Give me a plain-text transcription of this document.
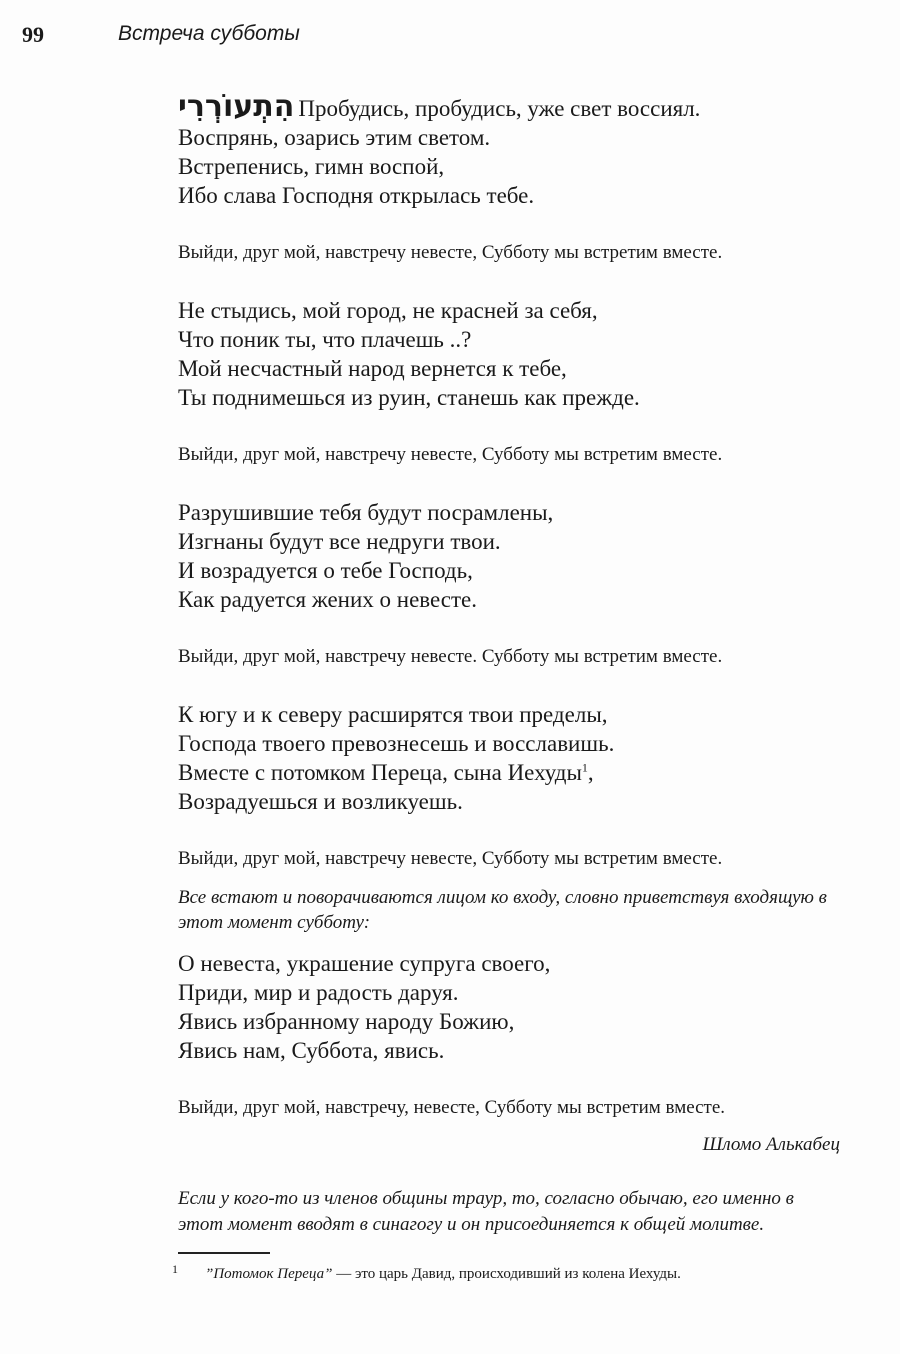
99	Встреча субботы
הִתְעוֹרְרִי Пробудись, пробудись, уже свет воссиял.
Воспрянь, озарись этим светом.
Встрепенись, гимн воспой,
Ибо слава Господня открылась тебе.
Выйди, друг мой, навстречу невесте, Субботу мы встретим вместе.
Не стыдись, мой город, не красней за себя,
Что поник ты, что плачешь ..?
Мой несчастный народ вернется к тебе,
Ты поднимешься из руин, станешь как прежде.
Выйди, друг мой, навстречу невесте, Субботу мы встретим вместе.
Разрушившие тебя будут посрамлены,
Изгнаны будут все недруги твои.
И возрадуется о тебе Господь,
Как радуется жених о невесте.
Выйди, друг мой, навстречу невесте. Субботу мы встретим вместе.
К югу и к северу расширятся твои пределы,
Господа твоего превознесешь и восславишь.
Вместе с потомком Переца, сына Иехуды$^1$,
Возрадуешься и возликуешь.
Выйди, друг мой, навстречу невесте, Субботу мы встретим вместе.
Все встают и поворачиваются лицом ко входу, словно приветствуя входящую в этот момент субботу:
О невеста, украшение супруга своего,
Приди, мир и радость даруя.
Явись избранному народу Божию,
Явись нам, Суббота, явись.
Выйди, друг мой, навстречу, невесте, Субботу мы встретим вместе.
Шломо Алькабец
Если у кого-то из членов общины траур, то, согласно обычаю, его именно в этот момент вводят в синагогу и он присоединяется к общей молитве.
1 ”Потомок Переца” — это царь Давид, происходивший из колена Иехуды.
